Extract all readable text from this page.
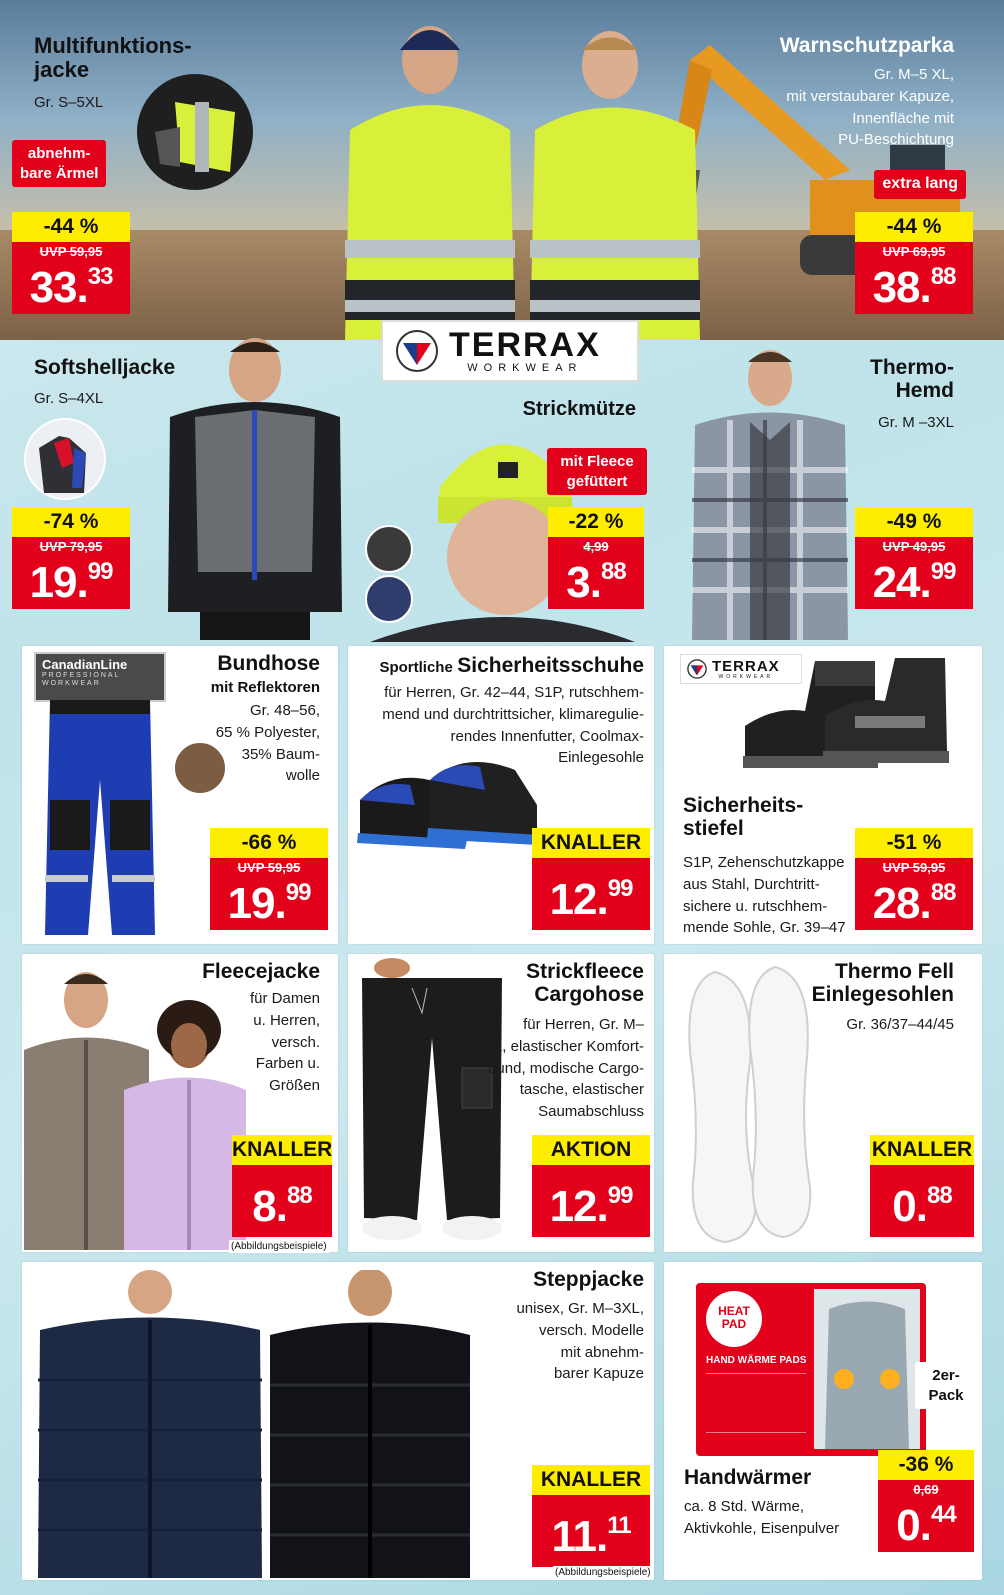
Multifunktions-
jacke
Gr. S–5XL
abnehm-
bare Ärmel
-44 %
UVP 59,95
33.33
Warnschutzparka
Gr. M–5 XL,
mit verstaubarer Kapuze,
Innenfläche mit
PU-Beschichtung
extra lang
-44 %
UVP 69,95
38.88
TERRAX
WORKWEAR
Softshelljacke
Gr. S–4XL
-74 %
UVP 79,95
19.99
Strickmütze
mit Fleece
gefüttert
-22 %
4,99
3.88
Thermo-
Hemd
Gr. M –3XL
-49 %
UVP 49,95
24.99
CanadianLine
PROFESSIONAL
WORKWEAR
Bundhose
mit Reflektoren
Gr. 48–56,
65 % Polyester,
35% Baum-
wolle
-66 %
UVP 59,95
19.99
Sportliche Sicherheitsschuhe
für Herren, Gr. 42–44, S1P, rutschhem-
mend und durchtrittsicher, klimaregulie-
rendes Innenfutter, Coolmax-
Einlegesohle
KNALLER
12.99
TERRAX
WORKWEAR
Sicherheits-
stiefel
S1P, Zehenschutzkappe
aus Stahl, Durchtritt-
sichere u. rutschhem-
mende Sohle, Gr. 39–47
-51 %
UVP 59,95
28.88
Fleecejacke
für Damen
u. Herren,
versch.
Farben u.
Größen
KNALLER
8.88
(Abbildungsbeispiele)
Strickfleece
Cargohose
für Herren, Gr. M–
XXL, elastischer Komfort-
bund, modische Cargo-
tasche, elastischer
Saumabschluss
AKTION
12.99
Thermo Fell
Einlegesohlen
Gr. 36/37–44/45
KNALLER
0.88
Steppjacke
unisex, Gr. M–3XL,
versch. Modelle
mit abnehm-
barer Kapuze
KNALLER
11.11
(Abbildungsbeispiele)
HEAT
PAD
HAND WÄRME PADS
2er-
Pack
Handwärmer
ca. 8 Std. Wärme,
Aktivkohle, Eisenpulver
-36 %
0,69
0.44
